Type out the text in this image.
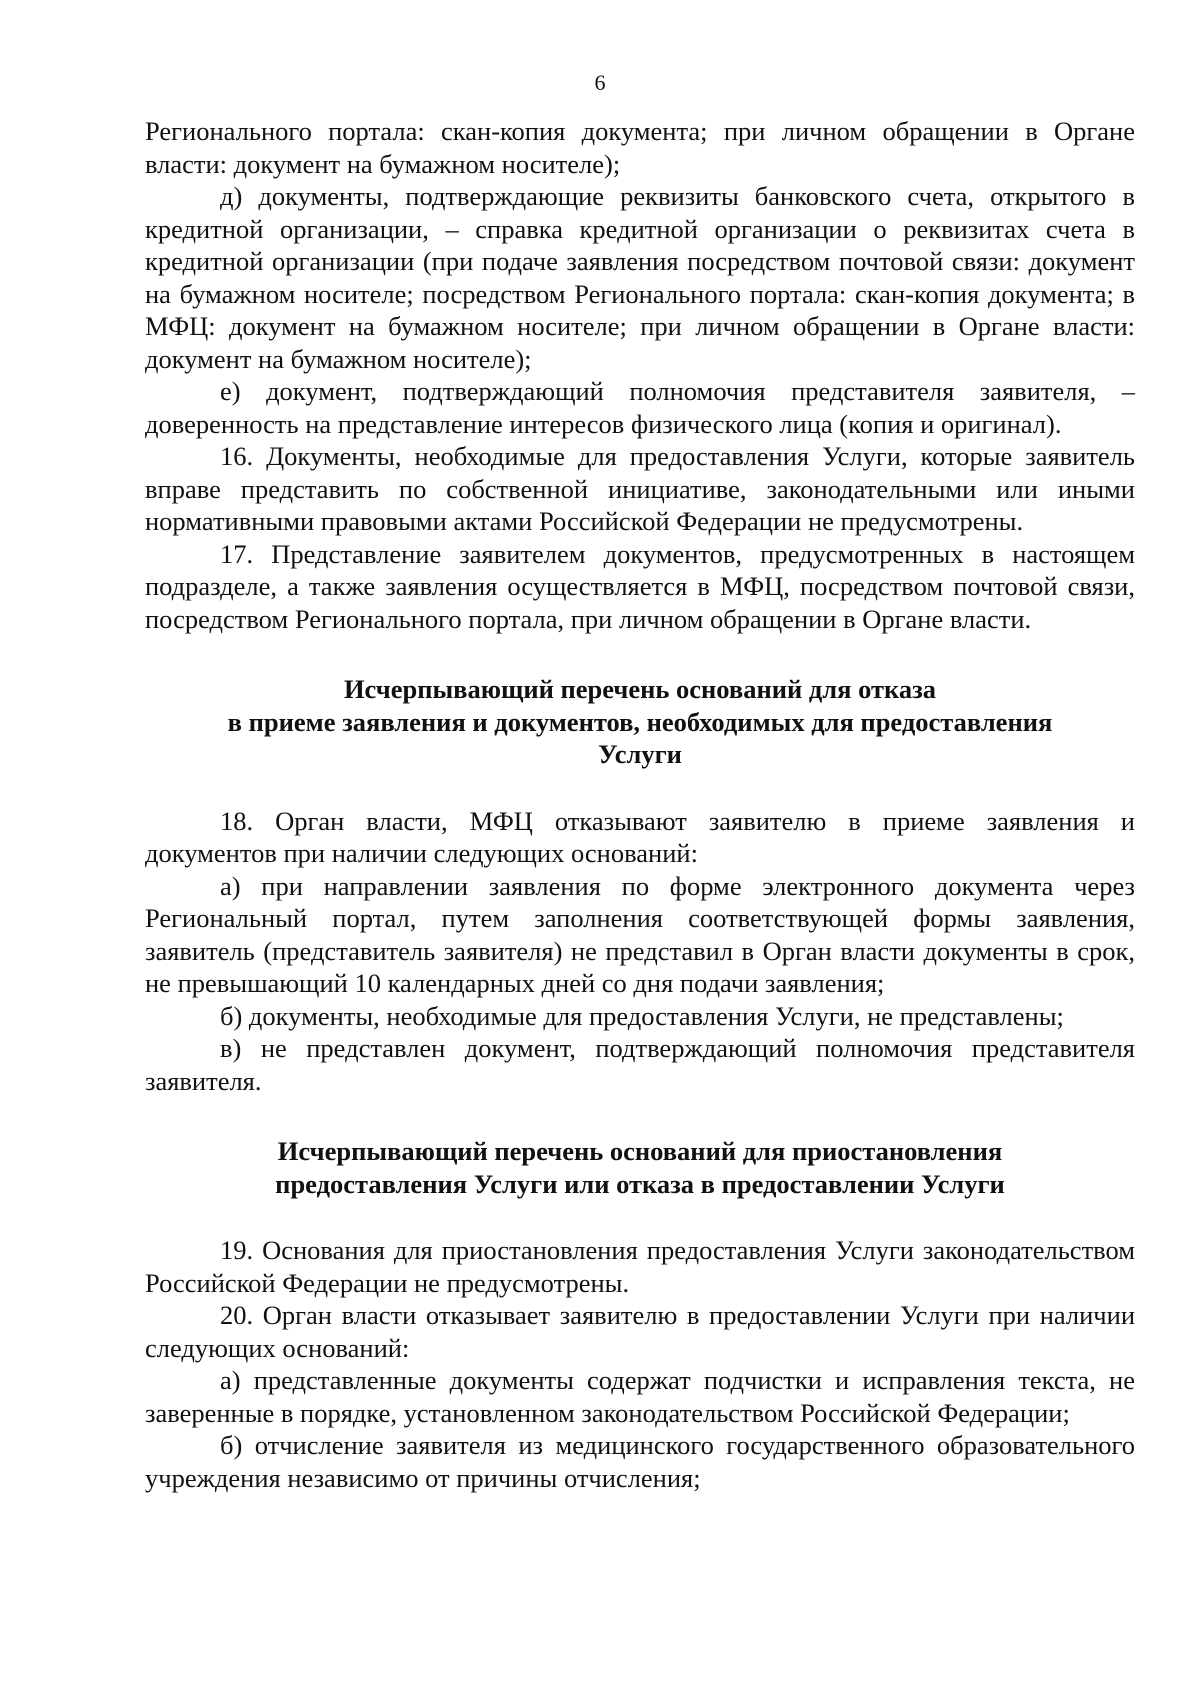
6

Регионального портала: скан-копия документа; при личном обращении в Органе власти: документ на бумажном носителе);

д) документы, подтверждающие реквизиты банковского счета, открытого в кредитной организации, – справка кредитной организации о реквизитах счета в кредитной организации (при подаче заявления посредством почтовой связи: документ на бумажном носителе; посредством Регионального портала: скан-копия документа; в МФЦ: документ на бумажном носителе; при личном обращении в Органе власти: документ на бумажном носителе);

е) документ, подтверждающий полномочия представителя заявителя, – доверенность на представление интересов физического лица (копия и оригинал).

16. Документы, необходимые для предоставления Услуги, которые заявитель вправе представить по собственной инициативе, законодательными или иными нормативными правовыми актами Российской Федерации не предусмотрены.

17. Представление заявителем документов, предусмотренных в настоящем подразделе, а также заявления осуществляется в МФЦ, посредством почтовой связи, посредством Регионального портала, при личном обращении в Органе власти.

Исчерпывающий перечень оснований для отказа

в приеме заявления и документов, необходимых для предоставления

Услуги

18. Орган власти, МФЦ отказывают заявителю в приеме заявления и документов при наличии следующих оснований:

а) при направлении заявления по форме электронного документа через Региональный портал, путем заполнения соответствующей формы заявления, заявитель (представитель заявителя) не представил в Орган власти документы в срок, не превышающий 10 календарных дней со дня подачи заявления;

б) документы, необходимые для предоставления Услуги, не представлены;

в) не представлен документ, подтверждающий полномочия представителя заявителя.

Исчерпывающий перечень оснований для приостановления

предоставления Услуги или отказа в предоставлении Услуги

19. Основания для приостановления предоставления Услуги законодательством Российской Федерации не предусмотрены.

20. Орган власти отказывает заявителю в предоставлении Услуги при наличии следующих оснований:

а) представленные документы содержат подчистки и исправления текста, не заверенные в порядке, установленном законодательством Российской Федерации;

б) отчисление заявителя из медицинского государственного образовательного учреждения независимо от причины отчисления;
